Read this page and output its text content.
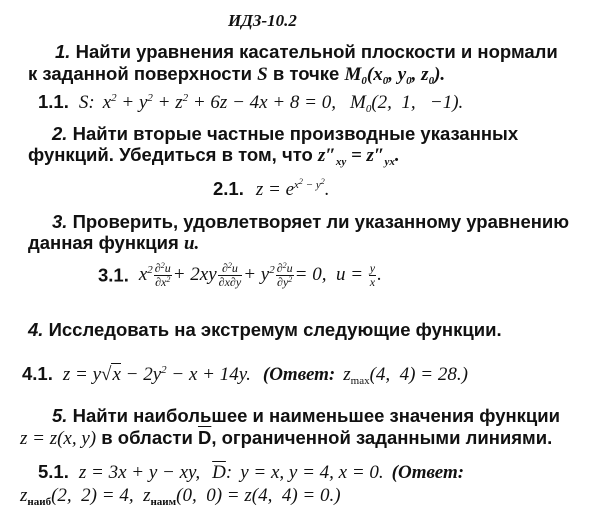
ИДЗ-10.2
1. Найти уравнения касательной плоскости и нормали
к заданной поверхности S в точке $M_0(x_0$, $y_0$, $z_0$).
1.1. S: $x^2 + y^2 + z^2 + 6z - 4x + 8 = 0$, $M_0(2$,  1,   −1).
2. Найти вторые частные производные указанных
функций. Убедиться в том, что $z''_{xy} = z''_{yx}$.
2.1. $z = e^{x^2 - y^2}$.
3. Проверить, удовлетворяет ли указанному уравнению
данная функция u.
3.1. $x^2 \frac{\partial^2u}{\partial x^2} + 2xy \frac{\partial^2u}{\partial x\partial y} + y^2 \frac{\partial^2u}{\partial y^2} = 0$,  $u = \frac{y}{x}$ .
4. Исследовать на экстремум следующие функции.
4.1. $z = y√x - 2y^2 - x + 14y$. (Ответ: $z_{max}(4$,  4) = 28.)
5. Найти наибольшее и наименьшее значения функции
z = z(x, y) в области $\overline{D}$, ограниченной заданными линиями.
5.1. z = 3x + y − xy, $\overline{D}$: y = x, y = 4, x = 0. (Ответ:
$z_{наиб}(2$,  2) = 4,  $z_{наим}(0$,  0) = z(4,  4) = 0.)
